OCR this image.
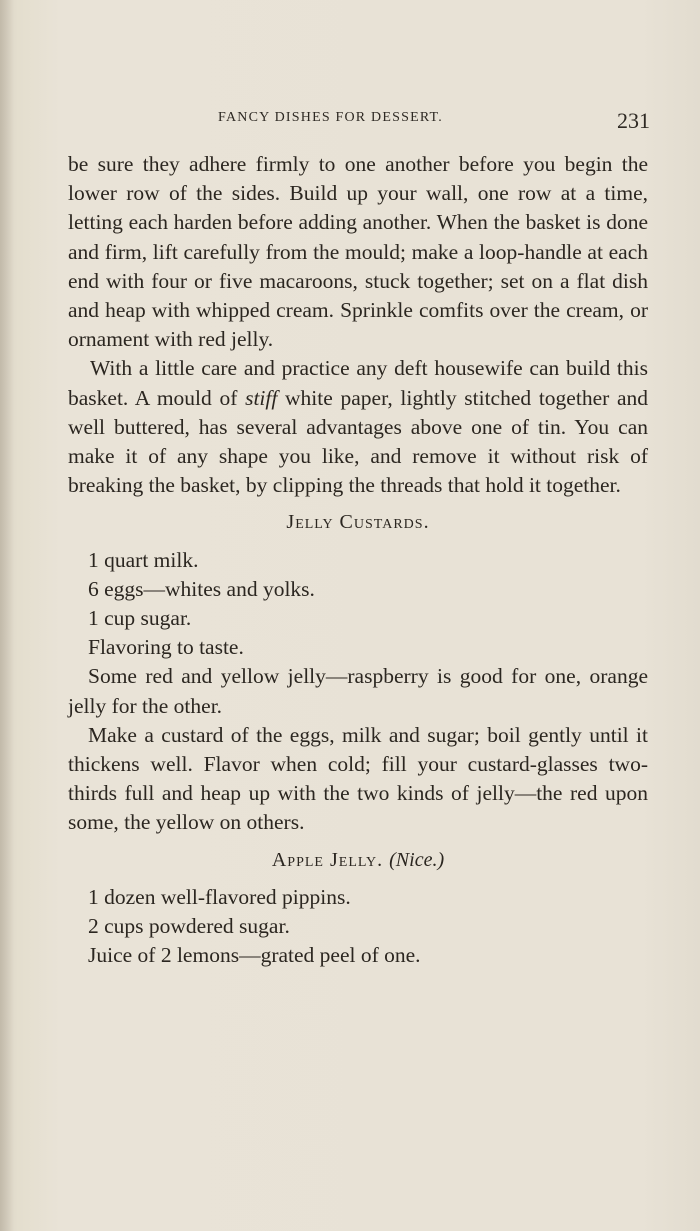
FANCY DISHES FOR DESSERT.	231

be sure they adhere firmly to one another before you begin the lower row of the sides. Build up your wall, one row at a time, letting each harden before adding another. When the basket is done and firm, lift carefully from the mould; make a loop-handle at each end with four or five macaroons, stuck together; set on a flat dish and heap with whipped cream. Sprinkle comfits over the cream, or ornament with red jelly.

With a little care and practice any deft housewife can build this basket. A mould of stiff white paper, lightly stitched together and well buttered, has several advantages above one of tin. You can make it of any shape you like, and remove it without risk of breaking the basket, by clipping the threads that hold it together.

Jelly Custards.

1 quart milk.
6 eggs—whites and yolks.
1 cup sugar.
Flavoring to taste.

Some red and yellow jelly—raspberry is good for one, orange jelly for the other.

Make a custard of the eggs, milk and sugar; boil gently until it thickens well. Flavor when cold; fill your custard-glasses two-thirds full and heap up with the two kinds of jelly—the red upon some, the yellow on others.

Apple Jelly. (Nice.)

1 dozen well-flavored pippins.
2 cups powdered sugar.
Juice of 2 lemons—grated peel of one.
